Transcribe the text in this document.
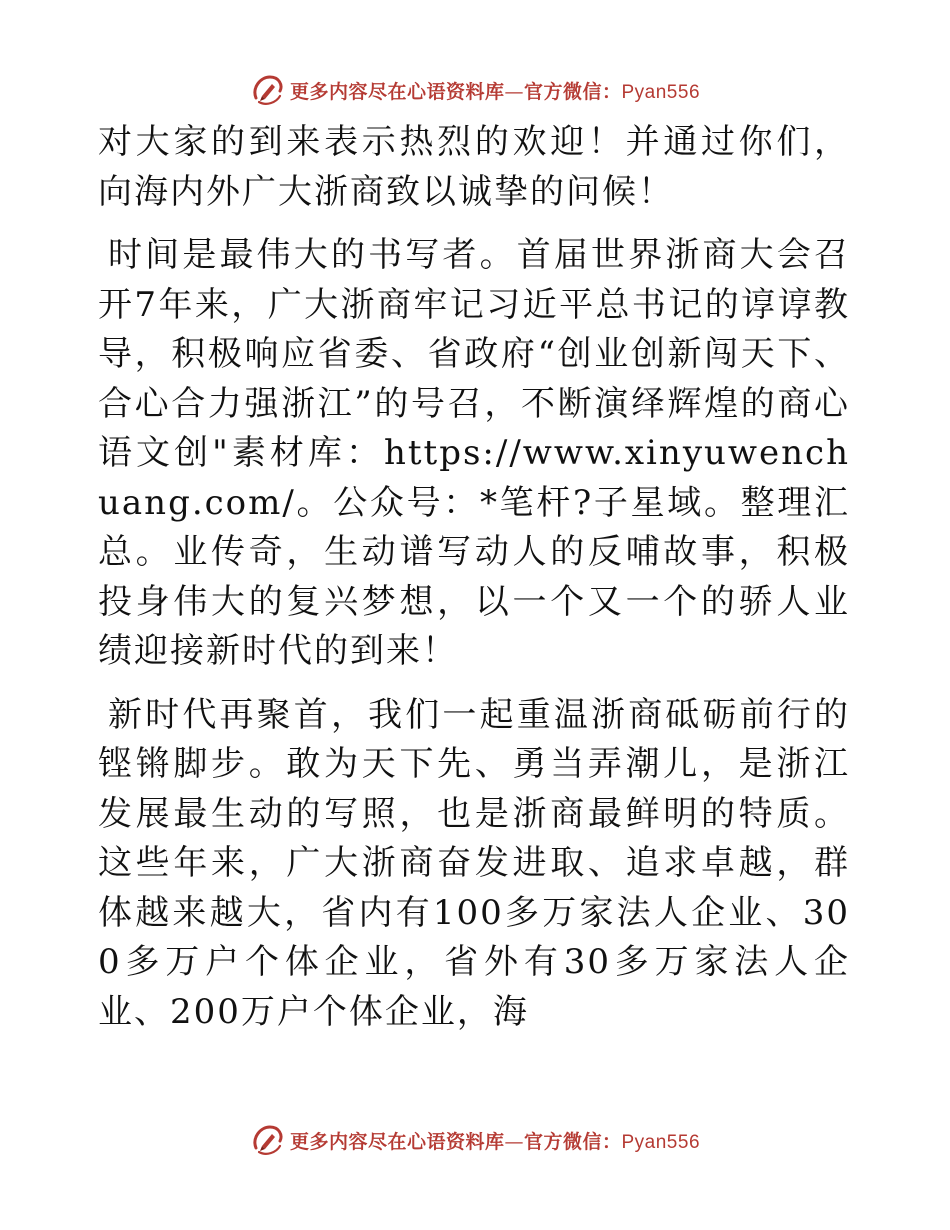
更多内容尽在心语资料库—官方微信：Pyan556

对大家的到来表示热烈的欢迎！并通过你们，向海内外广大浙商致以诚挚的问候！

时间是最伟大的书写者。首届世界浙商大会召开7年来，广大浙商牢记习近平总书记的谆谆教导，积极响应省委、省政府“创业创新闯天下、合心合力强浙江”的号召，不断演绎辉煌的商心语文创"素材库：https://www.xinyuwenchuang.com/。公众号：*笔杆?子星域。整理汇总。业传奇，生动谱写动人的反哺故事，积极投身伟大的复兴梦想，以一个又一个的骄人业绩迎接新时代的到来！

新时代再聚首，我们一起重温浙商砥砺前行的铿锵脚步。敢为天下先、勇当弄潮儿，是浙江发展最生动的写照，也是浙商最鲜明的特质。这些年来，广大浙商奋发进取、追求卓越，群体越来越大，省内有100多万家法人企业、300多万户个体企业，省外有30多万家法人企业、200万户个体企业，海

更多内容尽在心语资料库—官方微信：Pyan556
